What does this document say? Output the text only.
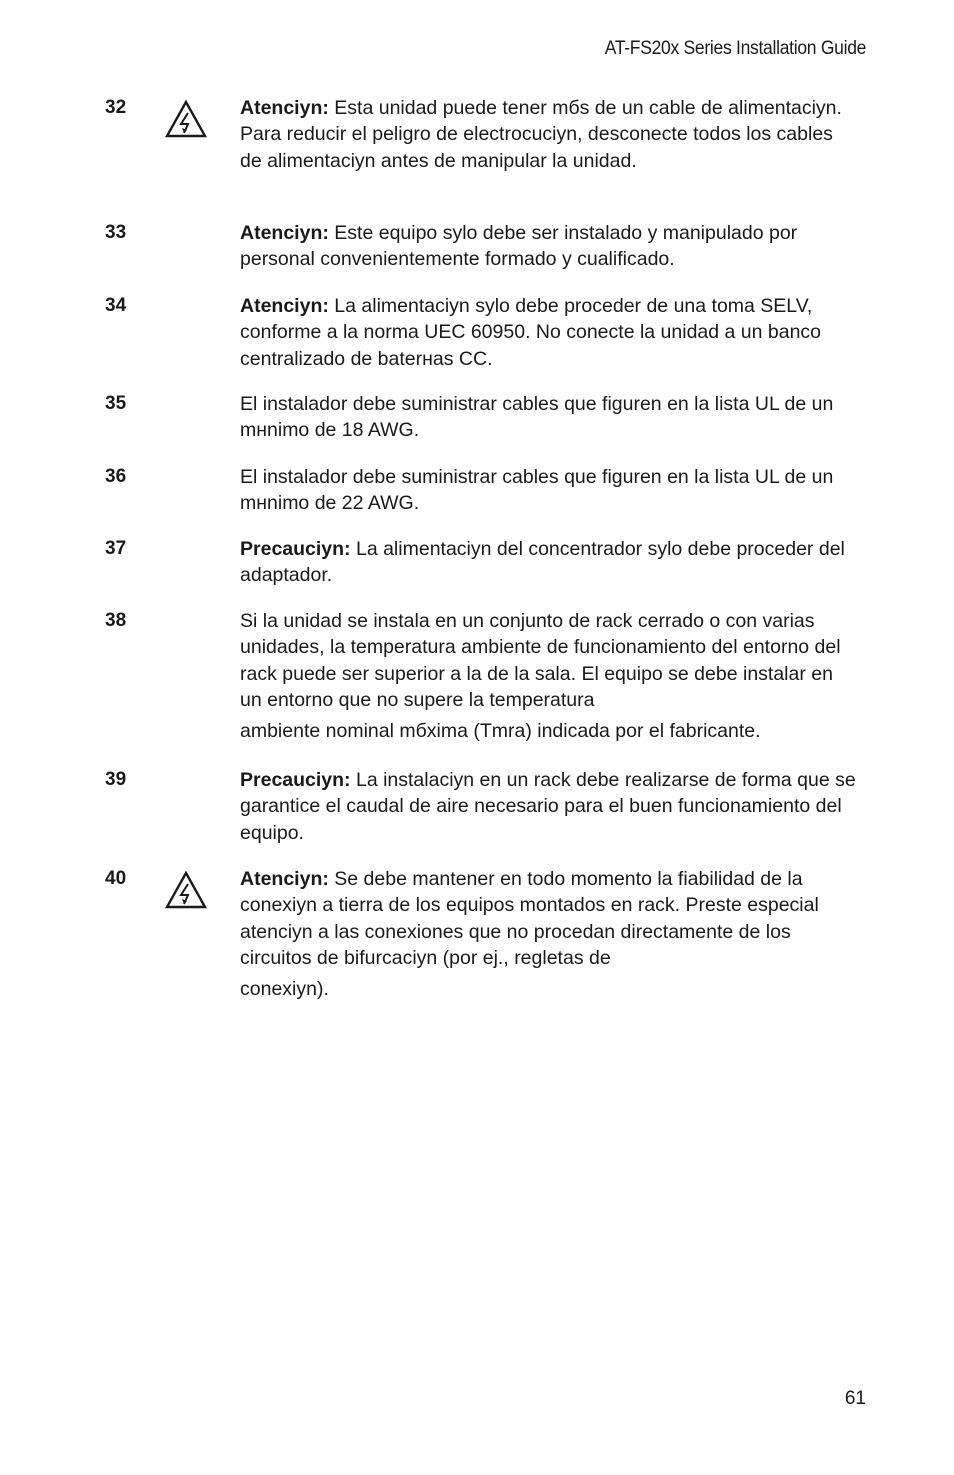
AT-FS20x Series Installation Guide
32	Atenciyn: Esta unidad puede tener mбs de un cable de alimentaciyn. Para reducir el peligro de electrocuciyn, desconecte todos los cables de alimentaciyn antes de manipular la unidad.
33	Atenciyn: Este equipo sylo debe ser instalado y manipulado por personal convenientemente formado y cualificado.
34	Atenciyn: La alimentaciyn sylo debe proceder de una toma SELV, conforme a la norma UEC 60950. No conecte la unidad a un banco centralizado de baterнas CC.
35	El instalador debe suministrar cables que figuren en la lista UL de un mнnimo de 18 AWG.
36	El instalador debe suministrar cables que figuren en la lista UL de un mнnimo de 22 AWG.
37	Precauciyn: La alimentaciyn del concentrador sylo debe proceder del adaptador.
38	Si la unidad se instala en un conjunto de rack cerrado o con varias unidades, la temperatura ambiente de funcionamiento del entorno del rack puede ser superior a la de la sala. El equipo se debe instalar en un entorno que no supere la temperatura
ambiente nominal mбxima (Tmra) indicada por el fabricante.
39	Precauciyn: La instalaciyn en un rack debe realizarse de forma que se garantice el caudal de aire necesario para el buen funcionamiento del equipo.
40	Atenciyn: Se debe mantener en todo momento la fiabilidad de la conexiyn a tierra de los equipos montados en rack. Preste especial atenciyn a las conexiones que no procedan directamente de los circuitos de bifurcaciyn (por ej., regletas de
conexiyn).
61
